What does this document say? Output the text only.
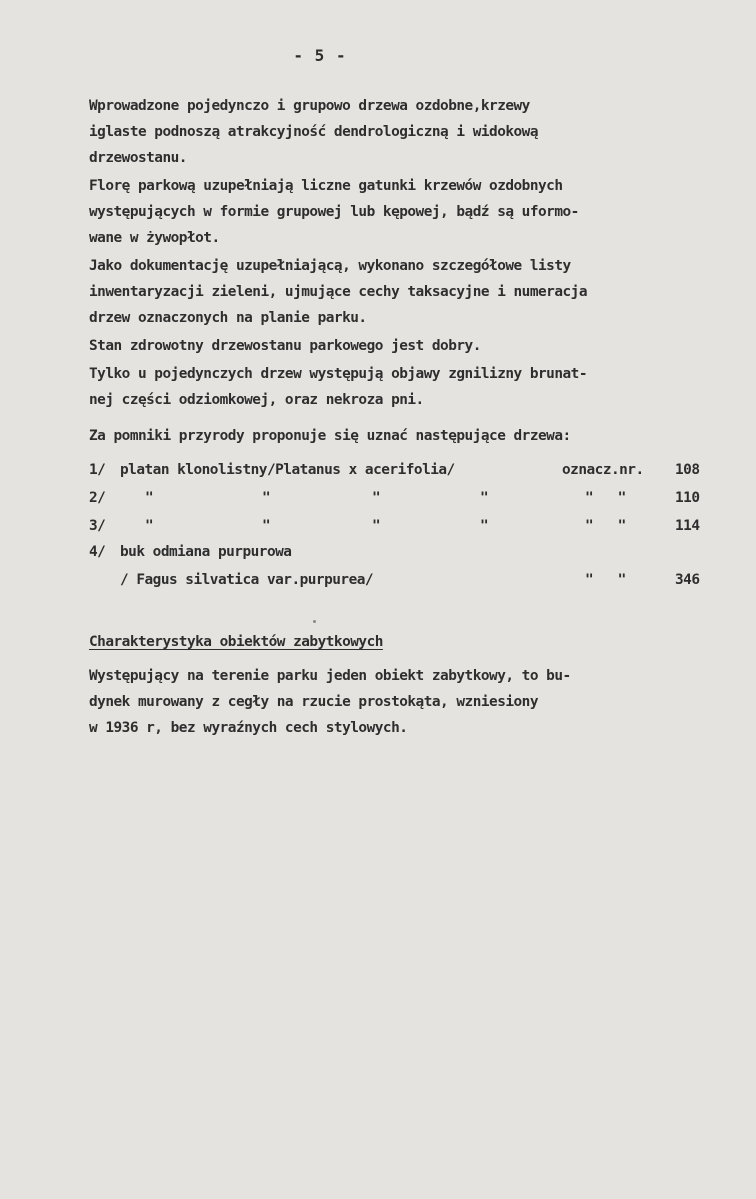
- 5 -
Wprowadzone pojedynczo i grupowo drzewa ozdobne,krzewy
iglaste podnoszą atrakcyjność dendrologiczną i widokową
drzewostanu.
Florę parkową uzupełniają liczne gatunki krzewów ozdobnych
występujących w formie grupowej lub kępowej, bądź są uformo-
wane w żywopłot.
Jako dokumentację uzupełniającą, wykonano szczegółowe listy
inwentaryzacji zieleni, ujmujące cechy taksacyjne i numeracja
drzew oznaczonych na planie parku.
Stan zdrowotny drzewostanu parkowego jest dobry.
Tylko u pojedynczych drzew występują objawy zgnilizny brunat-
nej części odziomkowej, oraz nekroza pni.
Za pomniki przyrody proponuje się uznać następujące drzewa:
1/ platan klonolistny/Platanus x acerifolia/	oznacz.nr. 108
2/	"	"	"	"	"   "	110
3/	"	"	"	"	"   "	114
4/ buk odmiana purpurowa
/ Fagus silvatica var.purpurea/	"   "	346
Charakterystyka obiektów zabytkowych
Występujący na terenie parku jeden obiekt zabytkowy, to bu-
dynek murowany z cegły na rzucie prostokąta, wzniesiony
w 1936 r, bez wyraźnych cech stylowych.
